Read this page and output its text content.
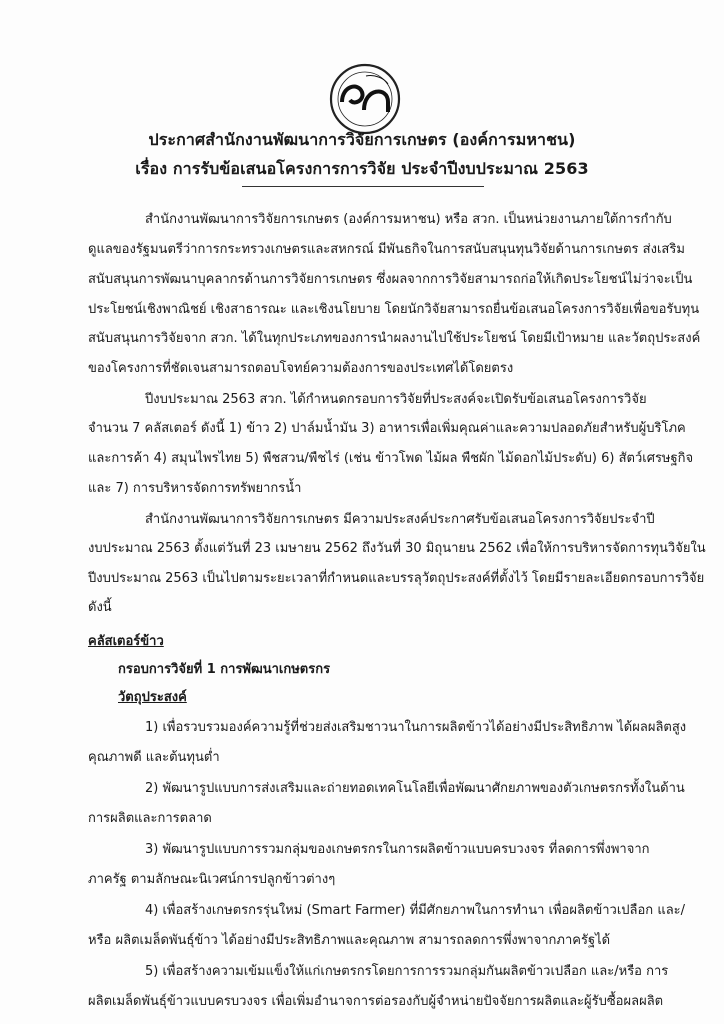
ประกาศสำนักงานพัฒนาการวิจัยการเกษตร (องค์การมหาชน)
เรื่อง การรับข้อเสนอโครงการการวิจัย ประจำปีงบประมาณ 2563
สำนักงานพัฒนาการวิจัยการเกษตร (องค์การมหาชน) หรือ สวก. เป็นหน่วยงานภายใต้การกำกับ
ดูแลของรัฐมนตรีว่าการกระทรวงเกษตรและสหกรณ์ มีพันธกิจในการสนับสนุนทุนวิจัยด้านการเกษตร ส่งเสริม
สนับสนุนการพัฒนาบุคลากรด้านการวิจัยการเกษตร ซึ่งผลจากการวิจัยสามารถก่อให้เกิดประโยชน์ไม่ว่าจะเป็น
ประโยชน์เชิงพาณิชย์ เชิงสาธารณะ และเชิงนโยบาย โดยนักวิจัยสามารถยื่นข้อเสนอโครงการวิจัยเพื่อขอรับทุน
สนับสนุนการวิจัยจาก สวก. ได้ในทุกประเภทของการนำผลงานไปใช้ประโยชน์ โดยมีเป้าหมาย และวัตถุประสงค์
ของโครงการที่ชัดเจนสามารถตอบโจทย์ความต้องการของประเทศได้โดยตรง
ปีงบประมาณ 2563 สวก. ได้กำหนดกรอบการวิจัยที่ประสงค์จะเปิดรับข้อเสนอโครงการวิจัย
จำนวน 7 คลัสเตอร์ ดังนี้ 1) ข้าว 2) ปาล์มน้ำมัน 3) อาหารเพื่อเพิ่มคุณค่าและความปลอดภัยสำหรับผู้บริโภค
และการค้า 4) สมุนไพรไทย 5) พืชสวน/พืชไร่ (เช่น ข้าวโพด ไม้ผล พืชผัก ไม้ดอกไม้ประดับ) 6) สัตว์เศรษฐกิจ
และ 7) การบริหารจัดการทรัพยากรน้ำ
สำนักงานพัฒนาการวิจัยการเกษตร มีความประสงค์ประกาศรับข้อเสนอโครงการวิจัยประจำปี
งบประมาณ 2563 ตั้งแต่วันที่ 23 เมษายน 2562 ถึงวันที่ 30 มิถุนายน 2562 เพื่อให้การบริหารจัดการทุนวิจัยใน
ปีงบประมาณ 2563 เป็นไปตามระยะเวลาที่กำหนดและบรรลุวัตถุประสงค์ที่ตั้งไว้ โดยมีรายละเอียดกรอบการวิจัย
ดังนี้
คลัสเตอร์ข้าว
กรอบการวิจัยที่ 1 การพัฒนาเกษตรกร
วัตถุประสงค์
1) เพื่อรวบรวมองค์ความรู้ที่ช่วยส่งเสริมชาวนาในการผลิตข้าวได้อย่างมีประสิทธิภาพ ได้ผลผลิตสูง
คุณภาพดี และต้นทุนต่ำ
2) พัฒนารูปแบบการส่งเสริมและถ่ายทอดเทคโนโลยีเพื่อพัฒนาศักยภาพของตัวเกษตรกรทั้งในด้าน
การผลิตและการตลาด
3) พัฒนารูปแบบการรวมกลุ่มของเกษตรกรในการผลิตข้าวแบบครบวงจร ที่ลดการพึ่งพาจาก
ภาครัฐ ตามลักษณะนิเวศน์การปลูกข้าวต่างๆ
4) เพื่อสร้างเกษตรกรรุ่นใหม่ (Smart Farmer) ที่มีศักยภาพในการทำนา เพื่อผลิตข้าวเปลือก และ/
หรือ ผลิตเมล็ดพันธุ์ข้าว ได้อย่างมีประสิทธิภาพและคุณภาพ สามารถลดการพึ่งพาจากภาครัฐได้
5) เพื่อสร้างความเข้มแข็งให้แก่เกษตรกรโดยการการรวมกลุ่มกันผลิตข้าวเปลือก และ/หรือ การ
ผลิตเมล็ดพันธุ์ข้าวแบบครบวงจร เพื่อเพิ่มอำนาจการต่อรองกับผู้จำหน่ายปัจจัยการผลิตและผู้รับซื้อผลผลิต
